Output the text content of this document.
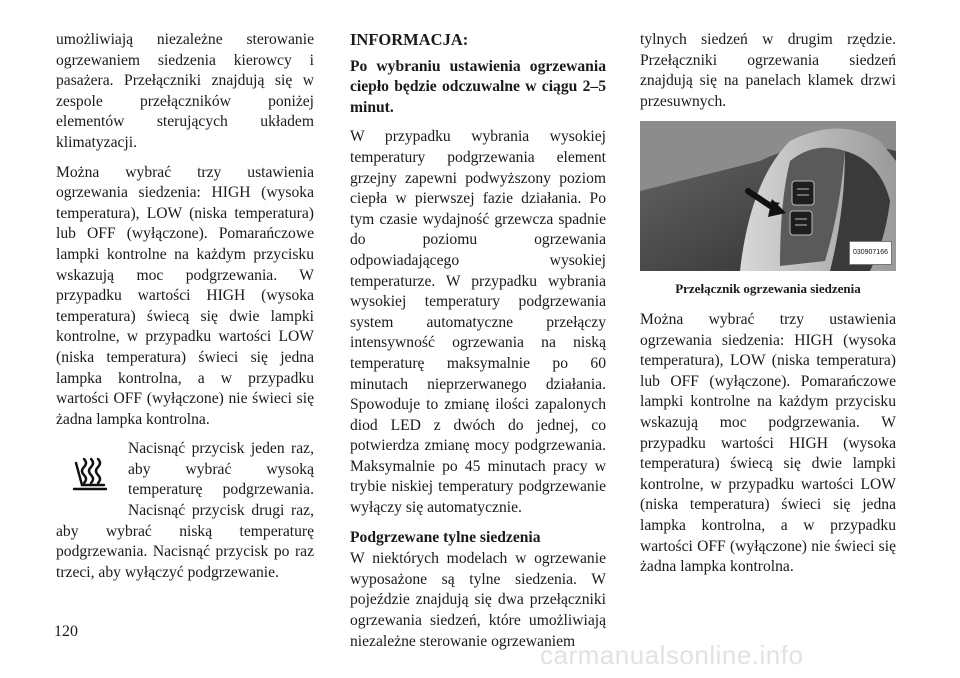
umożliwiają niezależne sterowanie ogrzewaniem siedzenia kierowcy i pasażera. Przełączniki znajdują się w zespole przełączników poniżej elementów sterujących układem klimatyzacji.

Można wybrać trzy ustawienia ogrzewania siedzenia: HIGH (wysoka temperatura), LOW (niska temperatura) lub OFF (wyłączone). Pomarańczowe lampki kontrolne na każdym przycisku wskazują moc podgrzewania. W przypadku wartości HIGH (wysoka temperatura) świecą się dwie lampki kontrolne, w przypadku wartości LOW (niska temperatura) świeci się jedna lampka kontrolna, a w przypadku wartości OFF (wyłączone) nie świeci się żadna lampka kontrolna.

Nacisnąć przycisk jeden raz, aby wybrać wysoką temperaturę podgrzewania. Nacisnąć przycisk drugi raz, aby wybrać niską temperaturę podgrzewania. Nacisnąć przycisk po raz trzeci, aby wyłączyć podgrzewanie.

INFORMACJA:

Po wybraniu ustawienia ogrzewania ciepło będzie odczuwalne w ciągu 2–5 minut.

W przypadku wybrania wysokiej temperatury podgrzewania element grzejny zapewni podwyższony poziom ciepła w pierwszej fazie działania. Po tym czasie wydajność grzewcza spadnie do poziomu ogrzewania odpowiadającego wysokiej temperaturze. W przypadku wybrania wysokiej temperatury podgrzewania system automatyczne przełączy intensywność ogrzewania na niską temperaturę maksymalnie po 60 minutach nieprzerwanego działania. Spowoduje to zmianę ilości zapalonych diod LED z dwóch do jednej, co potwierdza zmianę mocy podgrzewania. Maksymalnie po 45 minutach pracy w trybie niskiej temperatury podgrzewanie wyłączy się automatycznie.

Podgrzewane tylne siedzenia

W niektórych modelach w ogrzewanie wyposażone są tylne siedzenia. W pojeździe znajdują się dwa przełączniki ogrzewania siedzeń, które umożliwiają niezależne sterowanie ogrzewaniem

tylnych siedzeń w drugim rzędzie. Przełączniki ogrzewania siedzeń znajdują się na panelach klamek drzwi przesuwnych.

030907166
Przełącznik ogrzewania siedzenia

Można wybrać trzy ustawienia ogrzewania siedzenia: HIGH (wysoka temperatura), LOW (niska temperatura) lub OFF (wyłączone). Pomarańczowe lampki kontrolne na każdym przycisku wskazują moc podgrzewania. W przypadku wartości HIGH (wysoka temperatura) świecą się dwie lampki kontrolne, w przypadku wartości LOW (niska temperatura) świeci się jedna lampka kontrolna, a w przypadku wartości OFF (wyłączone) nie świeci się żadna lampka kontrolna.

120
carmanualsonline.info
